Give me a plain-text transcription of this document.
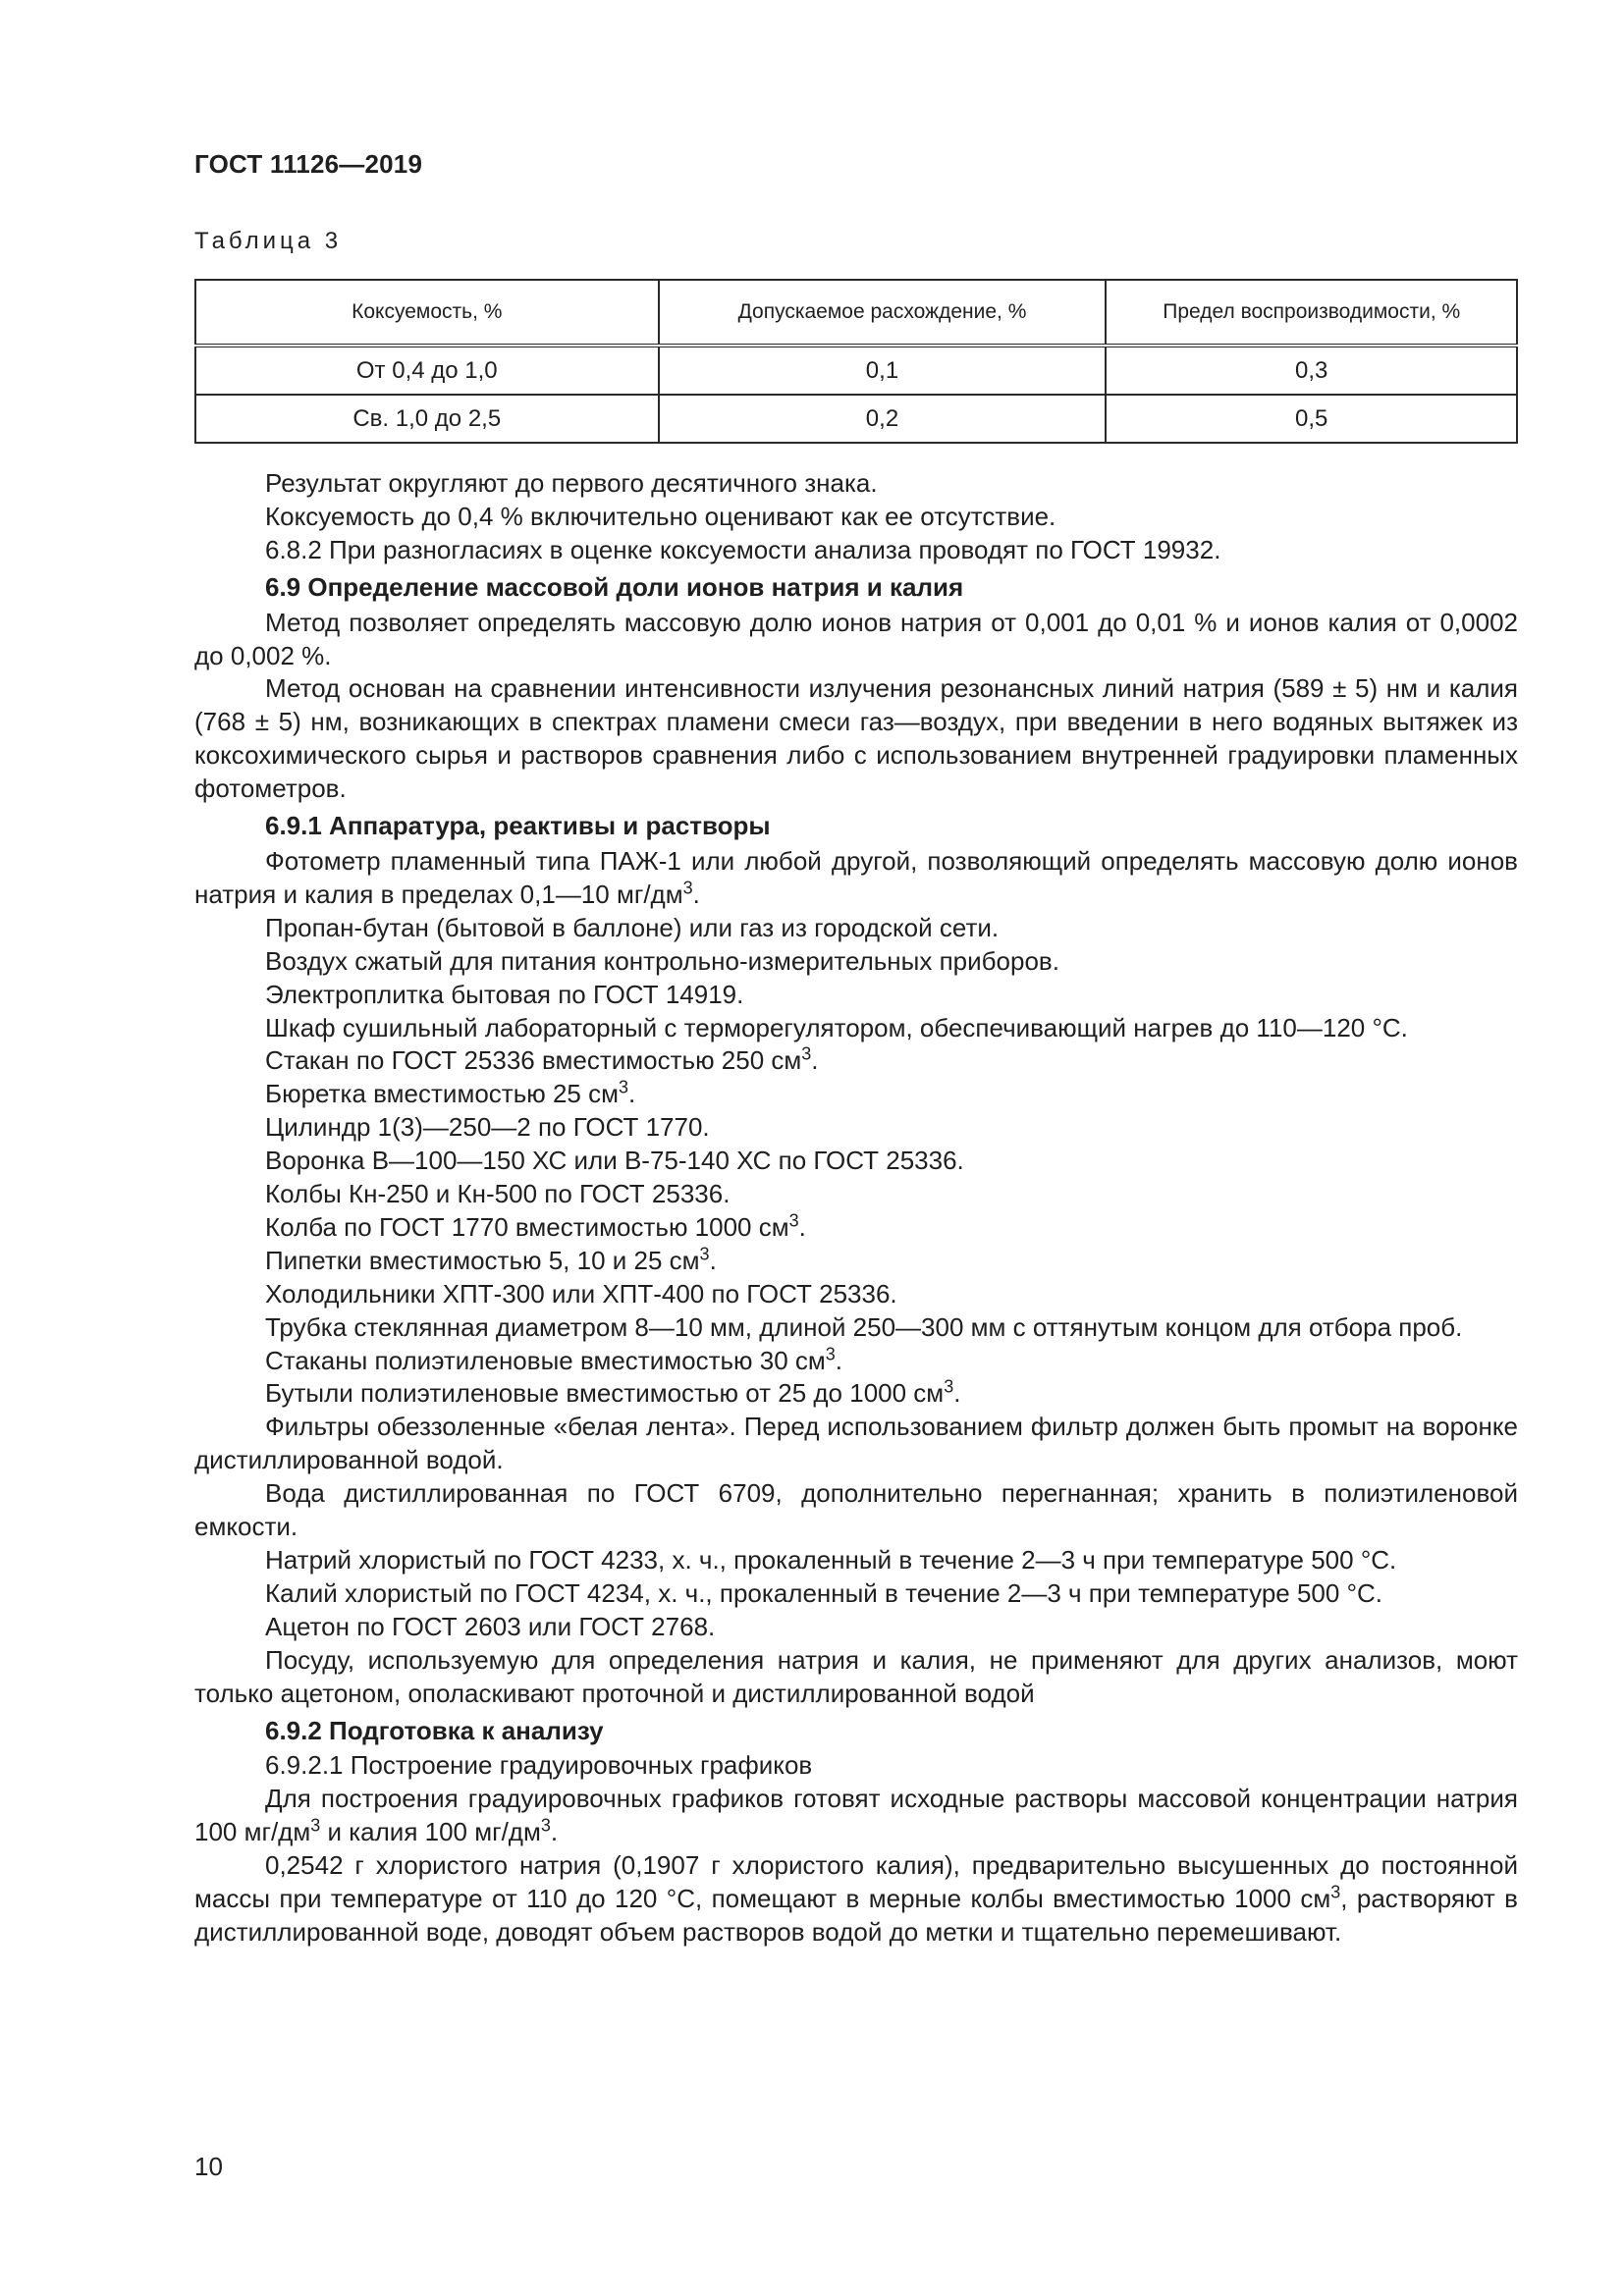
ГОСТ 11126—2019
Таблица 3
Коксуемость, %	Допускаемое расхождение, %	Предел воспроизводимости, %
От 0,4 до 1,0	0,1	0,3
Св. 1,0 до 2,5	0,2	0,5

Результат округляют до первого десятичного знака.

Коксуемость до 0,4 % включительно оценивают как ее отсутствие.

6.8.2 При разногласиях в оценке коксуемости анализа проводят по ГОСТ 19932.

6.9 Определение массовой доли ионов натрия и калия

Метод позволяет определять массовую долю ионов натрия от 0,001 до 0,01 % и ионов калия от 0,0002 до 0,002 %.

Метод основан на сравнении интенсивности излучения резонансных линий натрия (589 ± 5) нм и калия (768 ± 5) нм, возникающих в спектрах пламени смеси газ—воздух, при введении в него водяных вытяжек из коксохимического сырья и растворов сравнения либо с использованием внутренней градуировки пламенных фотометров.

6.9.1 Аппаратура, реактивы и растворы

Фотометр пламенный типа ПАЖ-1 или любой другой, позволяющий определять массовую долю ионов натрия и калия в пределах 0,1—10 $мг/дм^3$.

Пропан-бутан (бытовой в баллоне) или газ из городской сети.

Воздух сжатый для питания контрольно-измерительных приборов.

Электроплитка бытовая по ГОСТ 14919.

Шкаф сушильный лабораторный с терморегулятором, обеспечивающий нагрев до 110—120 °С.

Стакан по ГОСТ 25336 вместимостью 250 $см^3$.

Бюретка вместимостью 25 $см^3$.

Цилиндр 1(3)—250—2 по ГОСТ 1770.

Воронка В—100—150 ХС или В-75-140 ХС по ГОСТ 25336.

Колбы Кн-250 и Кн-500 по ГОСТ 25336.

Колба по ГОСТ 1770 вместимостью 1000 $см^3$.

Пипетки вместимостью 5, 10 и 25 $см^3$.

Холодильники ХПТ-300 или ХПТ-400 по ГОСТ 25336.

Трубка стеклянная диаметром 8—10 мм, длиной 250—300 мм с оттянутым концом для отбора проб.

Стаканы полиэтиленовые вместимостью 30 $см^3$.

Бутыли полиэтиленовые вместимостью от 25 до 1000 $см^3$.

Фильтры обеззоленные «белая лента». Перед использованием фильтр должен быть промыт на воронке дистиллированной водой.

Вода дистиллированная по ГОСТ 6709, дополнительно перегнанная; хранить в полиэтиленовой емкости.

Натрий хлористый по ГОСТ 4233, х. ч., прокаленный в течение 2—3 ч при температуре 500 °С.

Калий хлористый по ГОСТ 4234, х. ч., прокаленный в течение 2—3 ч при температуре 500 °С.

Ацетон по ГОСТ 2603 или ГОСТ 2768.

Посуду, используемую для определения натрия и калия, не применяют для других анализов, моют только ацетоном, ополаскивают проточной и дистиллированной водой

6.9.2 Подготовка к анализу

6.9.2.1 Построение градуировочных графиков

Для построения градуировочных графиков готовят исходные растворы массовой концентрации натрия 100 $мг/дм^3$ и калия 100 $мг/дм^3$.

0,2542 г хлористого натрия (0,1907 г хлористого калия), предварительно высушенных до постоянной массы при температуре от 110 до 120 °С, помещают в мерные колбы вместимостью 1000 $см^3$, растворяют в дистиллированной воде, доводят объем растворов водой до метки и тщательно перемешивают.

10
